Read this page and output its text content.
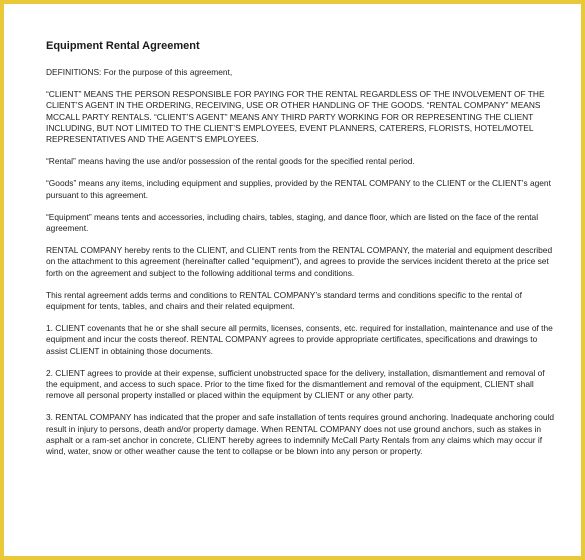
Equipment Rental Agreement

DEFINITIONS: For the purpose of this agreement,

“CLIENT” MEANS THE PERSON RESPONSIBLE FOR PAYING FOR THE RENTAL REGARDLESS OF THE INVOLVEMENT OF THE CLIENT’S AGENT IN THE ORDERING, RECEIVING, USE OR OTHER HANDLING OF THE GOODS. “RENTAL COMPANY” MEANS MCCALL PARTY RENTALS. “CLIENT’S AGENT” MEANS ANY THIRD PARTY WORKING FOR OR REPRESENTING THE CLIENT INCLUDING, BUT NOT LIMITED TO THE CLIENT’S EMPLOYEES, EVENT PLANNERS, CATERERS, FLORISTS, HOTEL/MOTEL REPRESENTATIVES AND THE AGENT’S EMPLOYEES.

“Rental” means having the use and/or possession of the rental goods for the specified rental period.

“Goods” means any items, including equipment and supplies, provided by the RENTAL COMPANY to the CLIENT or the CLIENT’s agent pursuant to this agreement.

“Equipment” means tents and accessories, including chairs, tables, staging, and dance floor, which are listed on the face of the rental agreement.

RENTAL COMPANY hereby rents to the CLIENT, and CLIENT rents from the RENTAL COMPANY, the material and equipment described on the attachment to this agreement (hereinafter called “equipment”), and agrees to provide the services incident thereto at the price set forth on the agreement and subject to the following additional terms and conditions.

This rental agreement adds terms and conditions to RENTAL COMPANY’s standard terms and conditions specific to the rental of equipment for tents, tables, and chairs and their related equipment.

1. CLIENT covenants that he or she shall secure all permits, licenses, consents, etc. required for installation, maintenance and use of the equipment and incur the costs thereof. RENTAL COMPANY agrees to provide appropriate certificates, specifications and drawings to assist CLIENT in obtaining those documents.

2. CLIENT agrees to provide at their expense, sufficient unobstructed space for the delivery, installation, dismantlement and removal of the equipment, and access to such space. Prior to the time fixed for the dismantlement and removal of the equipment, CLIENT shall remove all personal property installed or placed within the equipment by CLIENT or any other party.

3. RENTAL COMPANY has indicated that the proper and safe installation of tents requires ground anchoring. Inadequate anchoring could result in injury to persons, death and/or property damage. When RENTAL COMPANY does not use ground anchors, such as stakes in asphalt or a ram-set anchor in concrete, CLIENT hereby agrees to indemnify McCall Party Rentals from any claims which may occur if wind, water, snow or other weather cause the tent to collapse or be blown into any person or property.
